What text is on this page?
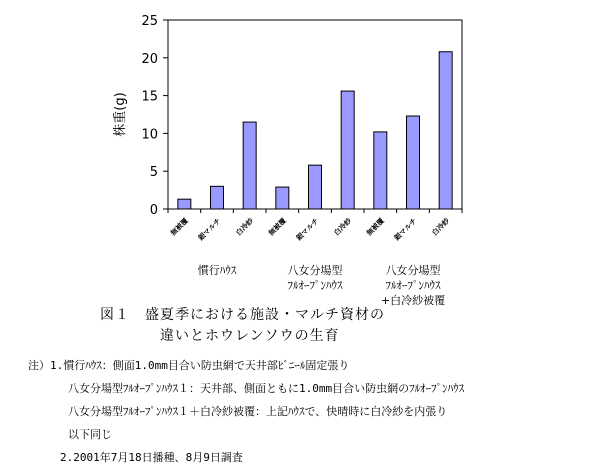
0
5
10
15
20
25
株重(g)
無被覆 銀マルチ 白冷紗 無被覆 銀マルチ 白冷紗 無被覆 銀マルチ 白冷紗
慣行ﾊｳｽ	八女分場型
ﾌﾙｵｰﾌﾟﾝﾊｳｽ
八女分場型
ﾌﾙｵｰﾌﾟﾝﾊｳｽ
+白冷紗被覆
図１　盛夏季における施設・マルチ資材の
違いとホウレンソウの生育
注）1.慣行ﾊｳｽ：側面1.0mm目合い防虫網で天井部ﾋﾞﾆｰﾙ固定張り
八女分場型ﾌﾙｵｰﾌﾟﾝﾊｳｽ１：天井部、側面ともに1.0mm目合い防虫網のﾌﾙｵｰﾌﾟﾝﾊｳｽ
八女分場型ﾌﾙｵｰﾌﾟﾝﾊｳｽ１＋白冷紗被覆：上記ﾊｳｽで、快晴時に白冷紗を内張り
以下同じ
2.2001年7月18日播種、8月9日調査
